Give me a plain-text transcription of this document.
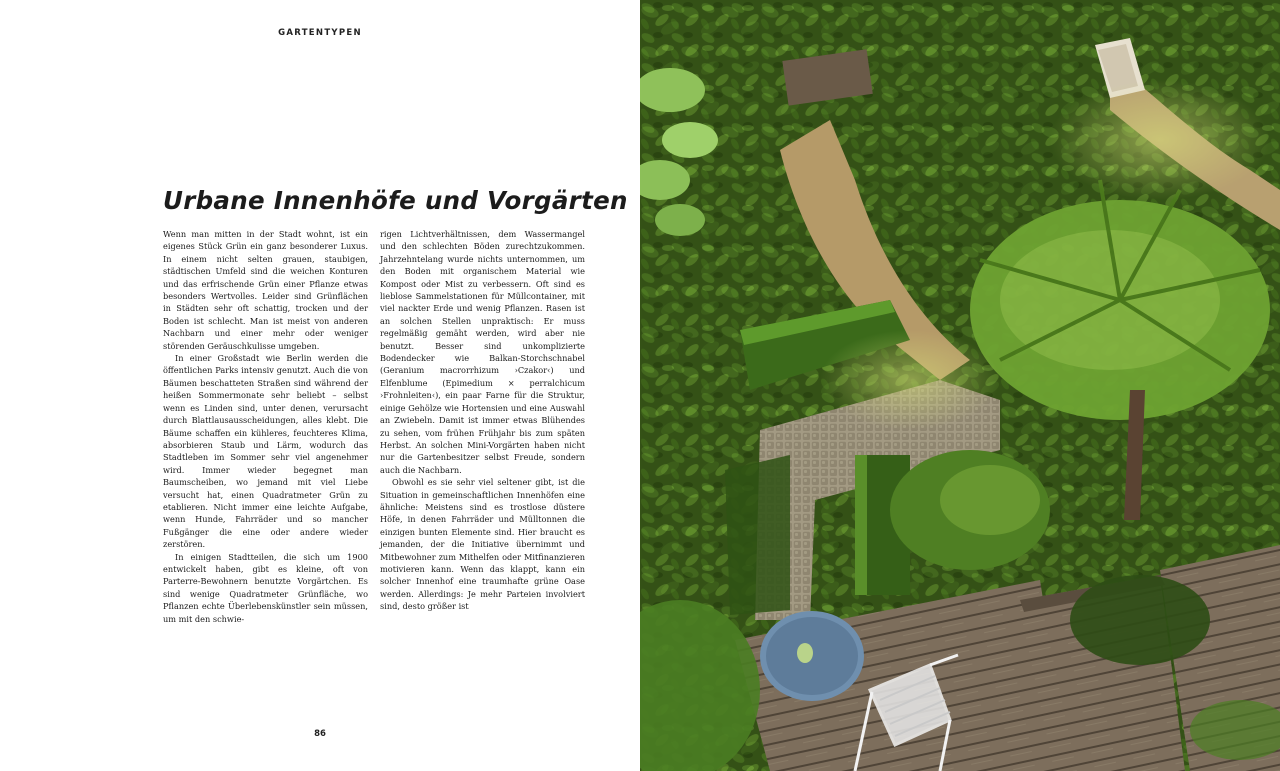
GARTENTYPEN
Urbane Innenhöfe und Vorgärten

Wenn man mitten in der Stadt wohnt, ist ein eigenes Stück Grün ein ganz besonderer Luxus. In einem nicht selten grauen, staubigen, städtischen Umfeld sind die weichen Konturen und das erfrischende Grün einer Pflanze etwas besonders Wertvolles. Leider sind Grünflächen in Städten sehr oft schattig, trocken und der Boden ist schlecht. Man ist meist von anderen Nachbarn und einer mehr oder weniger störenden Geräuschkulisse umgeben.

In einer Großstadt wie Berlin werden die öffentlichen Parks intensiv genutzt. Auch die von Bäumen beschatteten Straßen sind während der heißen Sommermonate sehr beliebt – selbst wenn es Linden sind, unter denen, verursacht durch Blattlausausscheidungen, alles klebt. Die Bäume schaffen ein kühleres, feuchteres Klima, absorbieren Staub und Lärm, wodurch das Stadtleben im Sommer sehr viel angenehmer wird. Immer wieder begegnet man Baumscheiben, wo jemand mit viel Liebe versucht hat, einen Quadratmeter Grün zu etablieren. Nicht immer eine leichte Aufgabe, wenn Hunde, Fahrräder und so mancher Fußgänger die eine oder andere wieder zerstören.

In einigen Stadtteilen, die sich um 1900 entwickelt haben, gibt es kleine, oft von Parterre-Bewohnern benutzte Vorgärtchen. Es sind wenige Quadratmeter Grünfläche, wo Pflanzen echte Überlebenskünstler sein müssen, um mit den schwie-

rigen Lichtverhältnissen, dem Wassermangel und den schlechten Böden zurechtzukommen. Jahrzehntelang wurde nichts unternommen, um den Boden mit organischem Material wie Kompost oder Mist zu verbessern. Oft sind es lieblose Sammelstationen für Müllcontainer, mit viel nackter Erde und wenig Pflanzen. Rasen ist an solchen Stellen unpraktisch: Er muss regelmäßig gemäht werden, wird aber nie benutzt. Besser sind unkomplizierte Bodendecker wie Balkan-Storchschnabel (Geranium macrorrhizum ›Czakor‹) und Elfenblume (Epimedium × perralchicum ›Frohnleiten‹), ein paar Farne für die Struktur, einige Gehölze wie Hortensien und eine Auswahl an Zwiebeln. Damit ist immer etwas Blühendes zu sehen, vom frühen Frühjahr bis zum späten Herbst. An solchen Mini-Vorgärten haben nicht nur die Gartenbesitzer selbst Freude, sondern auch die Nachbarn.

Obwohl es sie sehr viel seltener gibt, ist die Situation in gemeinschaftlichen Innenhöfen eine ähnliche: Meistens sind es trostlose düstere Höfe, in denen Fahrräder und Mülltonnen die einzigen bunten Elemente sind. Hier braucht es jemanden, der die Initiative übernimmt und Mitbewohner zum Mithelfen oder Mitfinanzieren motivieren kann. Wenn das klappt, kann ein solcher Innenhof eine traumhafte grüne Oase werden. Allerdings: Je mehr Parteien involviert sind, desto größer ist

86
